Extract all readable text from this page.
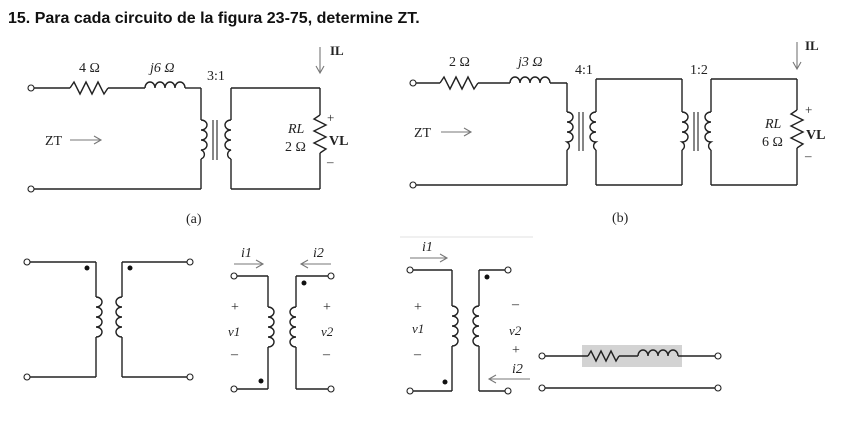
15. Para cada circuito de la figura 23-75, determine ZT.
4 Ω	j6 Ω
3:1
ZT
IL
RL
2 Ω
+
VL
–
(a)
2 Ω	j3 Ω
4:1	1:2
ZT
IL
RL
6 Ω
+
VL
–
(b)
i1	i2
+
v1
–
+
v2
–
i1
i2
+
v1
–
–
v2
+
